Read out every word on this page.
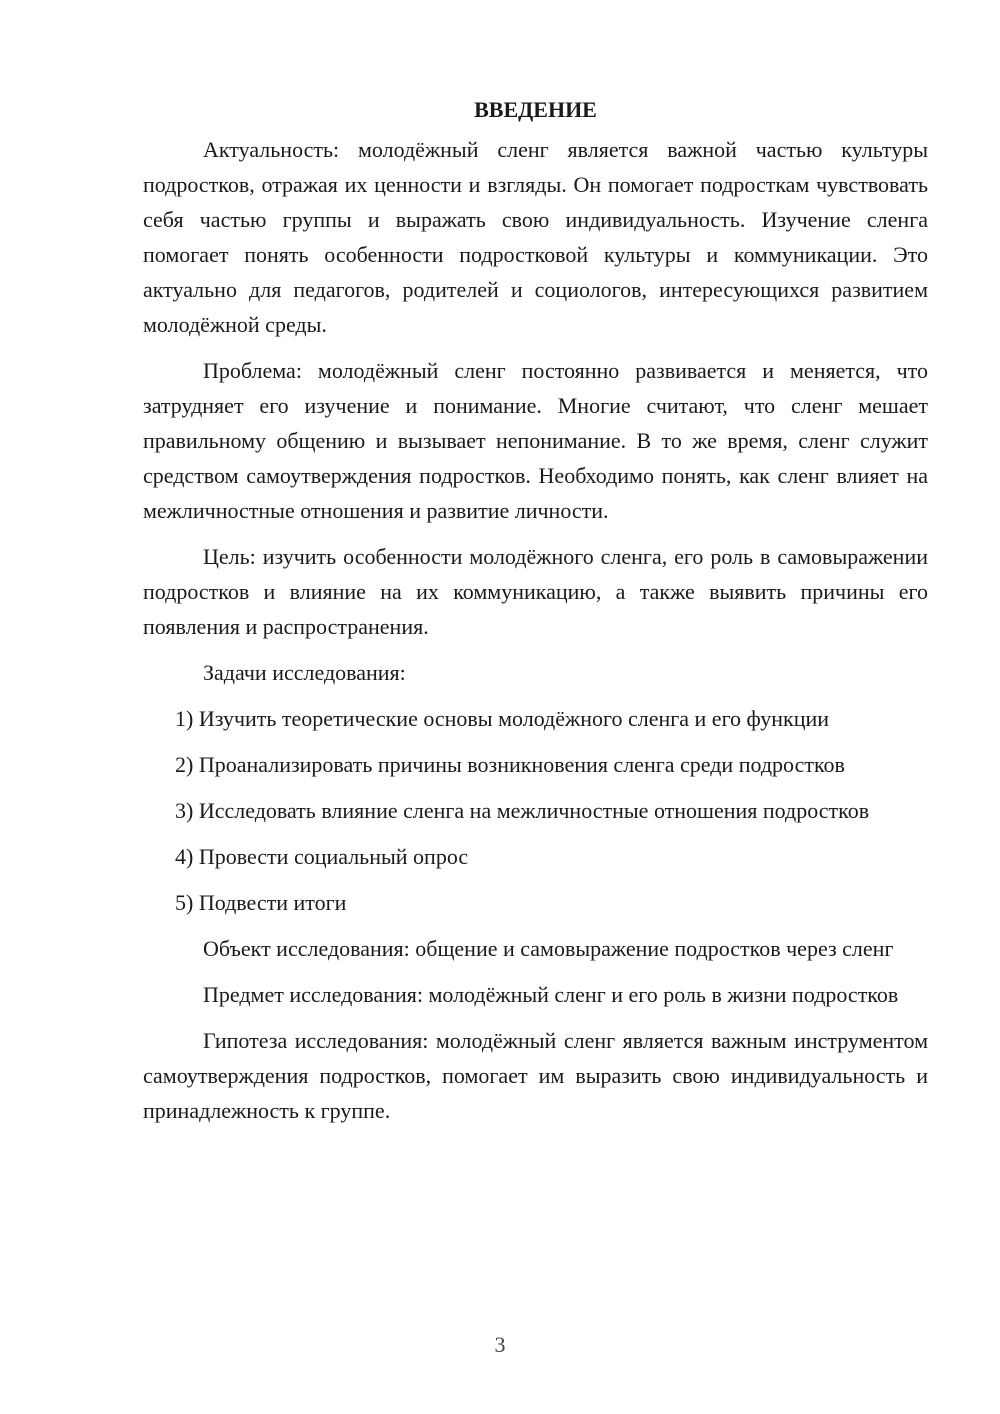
ВВЕДЕНИЕ

Актуальность: молодёжный сленг является важной частью культуры подростков, отражая их ценности и взгляды. Он помогает подросткам чувствовать себя частью группы и выражать свою индивидуальность. Изучение сленга помогает понять особенности подростковой культуры и коммуникации. Это актуально для педагогов, родителей и социологов, интересующихся развитием молодёжной среды.

Проблема: молодёжный сленг постоянно развивается и меняется, что затрудняет его изучение и понимание. Многие считают, что сленг мешает правильному общению и вызывает непонимание. В то же время, сленг служит средством самоутверждения подростков. Необходимо понять, как сленг влияет на межличностные отношения и развитие личности.

Цель: изучить особенности молодёжного сленга, его роль в самовыражении подростков и влияние на их коммуникацию, а также выявить причины его появления и распространения.

Задачи исследования:

1) Изучить теоретические основы молодёжного сленга и его функции

2) Проанализировать причины возникновения сленга среди подростков

3) Исследовать влияние сленга на межличностные отношения подростков

4) Провести социальный опрос

5) Подвести итоги

Объект исследования: общение и самовыражение подростков через сленг

Предмет исследования: молодёжный сленг и его роль в жизни подростков

Гипотеза исследования: молодёжный сленг является важным инструментом самоутверждения подростков, помогает им выразить свою индивидуальность и принадлежность к группе.

3
